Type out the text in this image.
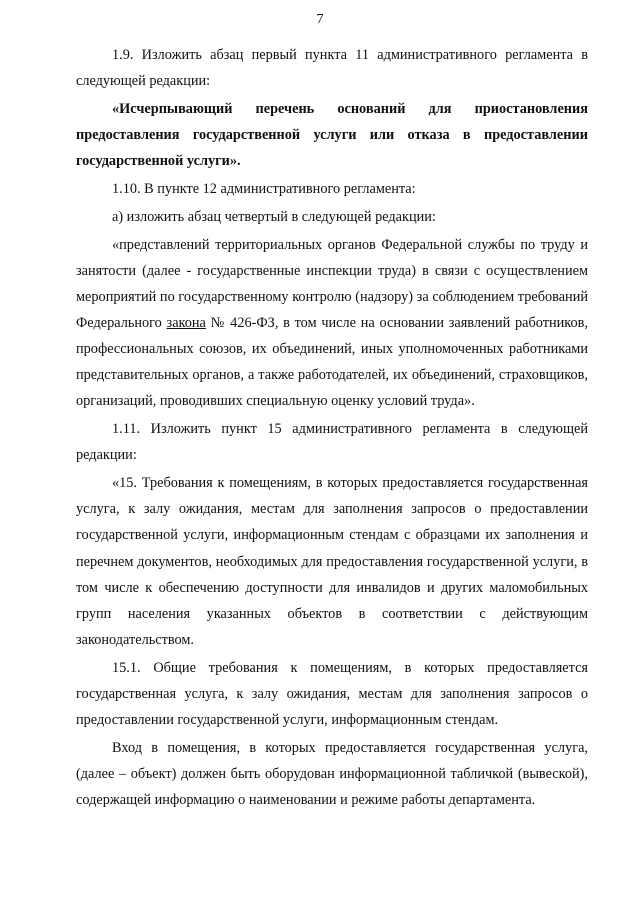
7

1.9. Изложить абзац первый пункта 11 административного регламента в следующей редакции:

«Исчерпывающий перечень оснований для приостановления предоставления государственной услуги или отказа в предоставлении государственной услуги».

1.10. В пункте 12 административного регламента:

а) изложить абзац четвертый в следующей редакции:

«представлений территориальных органов Федеральной службы по труду и занятости (далее - государственные инспекции труда) в связи с осуществлением мероприятий по государственному контролю (надзору) за соблюдением требований Федерального закона № 426-ФЗ, в том числе на основании заявлений работников, профессиональных союзов, их объединений, иных уполномоченных работниками представительных органов, а также работодателей, их объединений, страховщиков, организаций, проводивших специальную оценку условий труда».

1.11. Изложить пункт 15 административного регламента в следующей редакции:

«15. Требования к помещениям, в которых предоставляется государственная услуга, к залу ожидания, местам для заполнения запросов о предоставлении государственной услуги, информационным стендам с образцами их заполнения и перечнем документов, необходимых для предоставления государственной услуги, в том числе к обеспечению доступности для инвалидов и других маломобильных групп населения указанных объектов в соответствии с действующим законодательством.

15.1. Общие требования к помещениям, в которых предоставляется государственная услуга, к залу ожидания, местам для заполнения запросов о предоставлении государственной услуги, информационным стендам.

Вход в помещения, в которых предоставляется государственная услуга, (далее – объект) должен быть оборудован информационной табличкой (вывеской), содержащей информацию о наименовании и режиме работы департамента.
